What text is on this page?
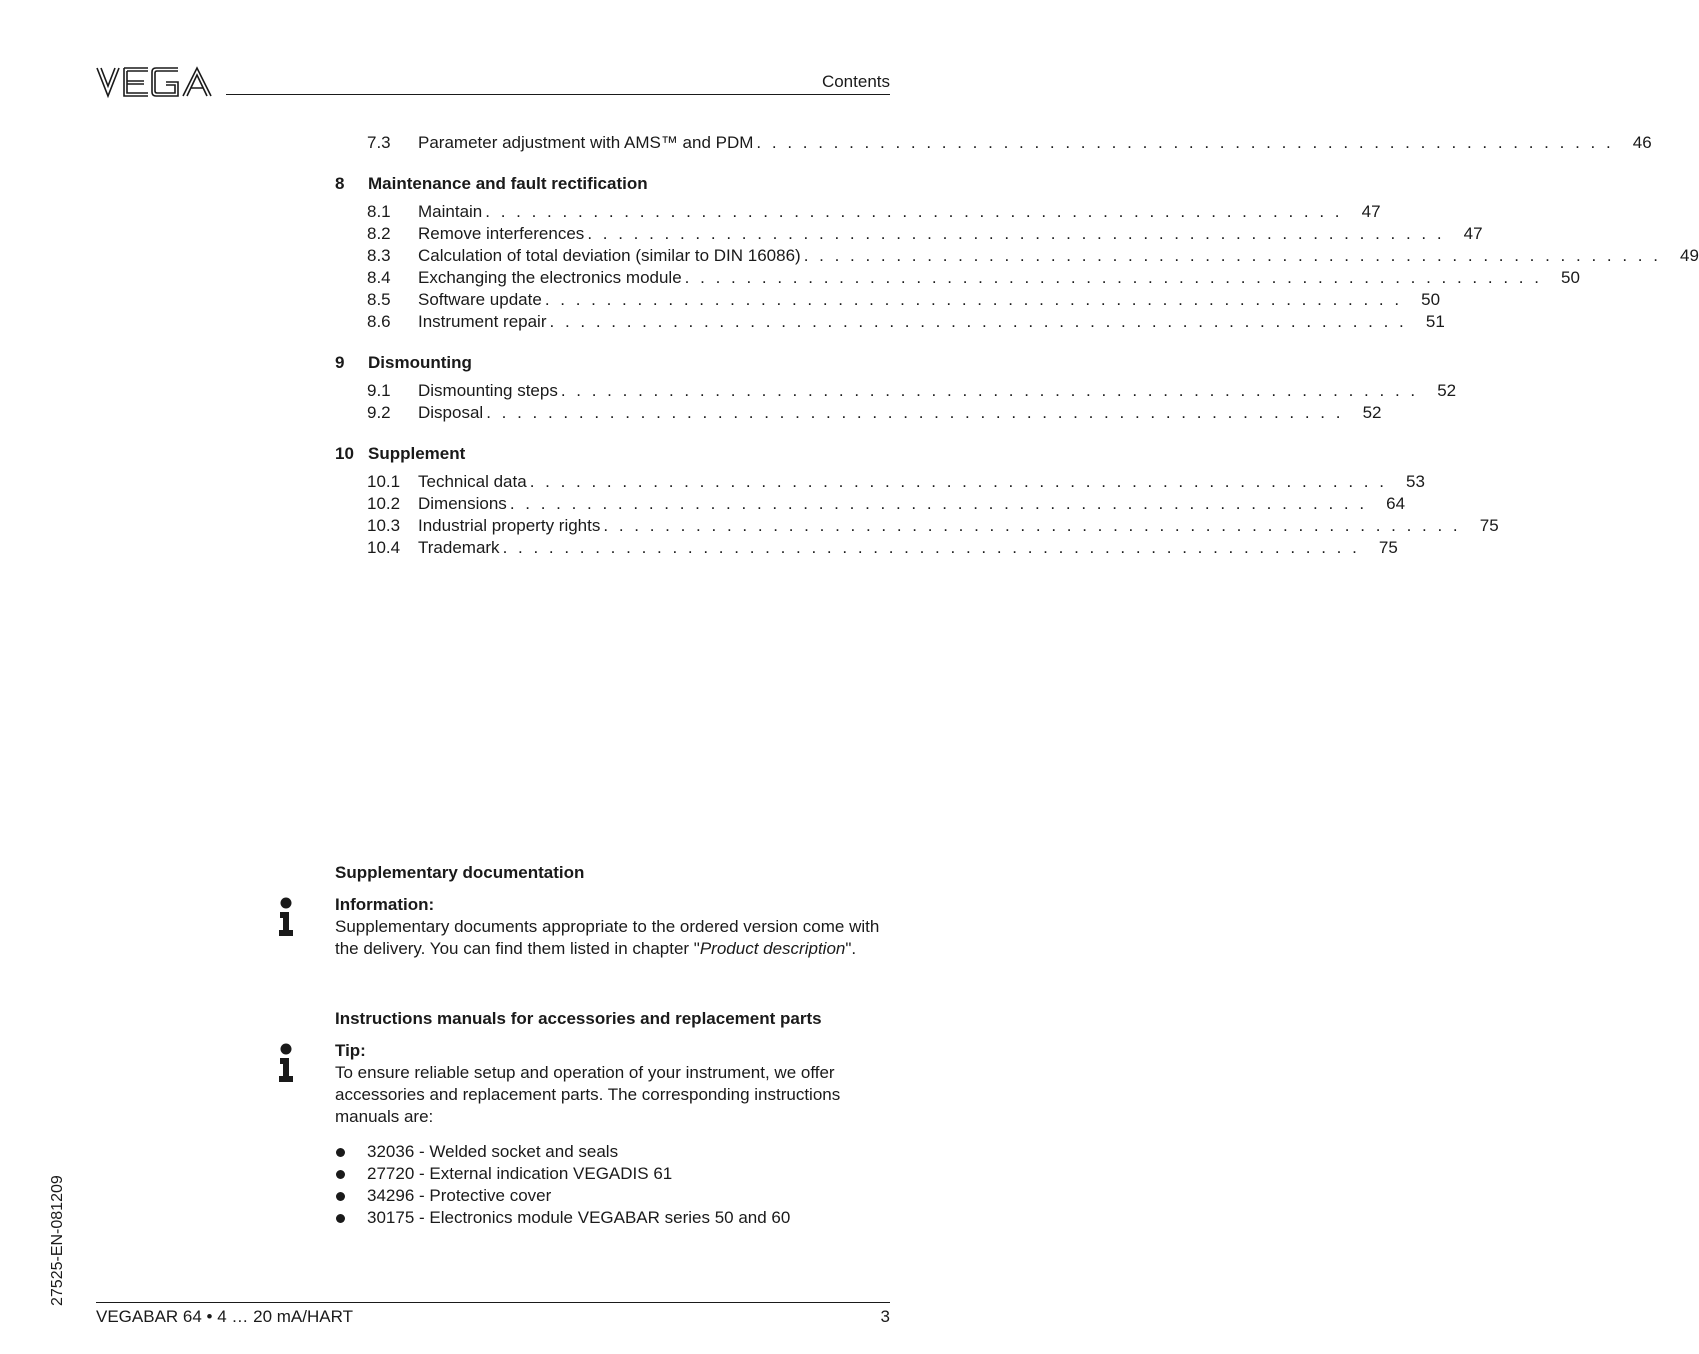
Contents
7.3	Parameter adjustment with AMS™ and PDM . . . . . . . . . . . . . . . . . . . . . . . . . . . . . . . . . . . . . . . . . . . . . . . . . . . . . . . .	46
8	Maintenance and fault rectification
8.1	Maintain . . . . . . . . . . . . . . . . . . . . . . . . . . . . . . . . . . . . . . . . . . . . . . . . . . . . . . . .	47
8.2	Remove interferences . . . . . . . . . . . . . . . . . . . . . . . . . . . . . . . . . . . . . . . . . . . . . . . . . . . . . . . .	47
8.3	Calculation of total deviation (similar to DIN 16086) . . . . . . . . . . . . . . . . . . . . . . . . . . . . . . . . . . . . . . . . . . . . . . . . . . . . . . . .	49
8.4	Exchanging the electronics module . . . . . . . . . . . . . . . . . . . . . . . . . . . . . . . . . . . . . . . . . . . . . . . . . . . . . . . .	50
8.5	Software update . . . . . . . . . . . . . . . . . . . . . . . . . . . . . . . . . . . . . . . . . . . . . . . . . . . . . . . .	50
8.6	Instrument repair . . . . . . . . . . . . . . . . . . . . . . . . . . . . . . . . . . . . . . . . . . . . . . . . . . . . . . . .	51
9	Dismounting
9.1	Dismounting steps . . . . . . . . . . . . . . . . . . . . . . . . . . . . . . . . . . . . . . . . . . . . . . . . . . . . . . . .	52
9.2	Disposal . . . . . . . . . . . . . . . . . . . . . . . . . . . . . . . . . . . . . . . . . . . . . . . . . . . . . . . .	52
10 Supplement
10.1	Technical data . . . . . . . . . . . . . . . . . . . . . . . . . . . . . . . . . . . . . . . . . . . . . . . . . . . . . . . .	53
10.2	Dimensions . . . . . . . . . . . . . . . . . . . . . . . . . . . . . . . . . . . . . . . . . . . . . . . . . . . . . . . .	64
10.3	Industrial property rights . . . . . . . . . . . . . . . . . . . . . . . . . . . . . . . . . . . . . . . . . . . . . . . . . . . . . . . .	75
10.4	Trademark . . . . . . . . . . . . . . . . . . . . . . . . . . . . . . . . . . . . . . . . . . . . . . . . . . . . . . . .	75
Supplementary documentation
Information:
Supplementary documents appropriate to the ordered version come with the delivery. You can find them listed in chapter "Product description".
Instructions manuals for accessories and replacement parts
Tip:
To ensure reliable setup and operation of your instrument, we offer accessories and replacement parts. The corresponding instructions manuals are:
32036 - Welded socket and seals
27720 - External indication VEGADIS 61
34296 - Protective cover
30175 - Electronics module VEGABAR series 50 and 60
27525-EN-081209
VEGABAR 64 • 4 … 20 mA/HART	3
